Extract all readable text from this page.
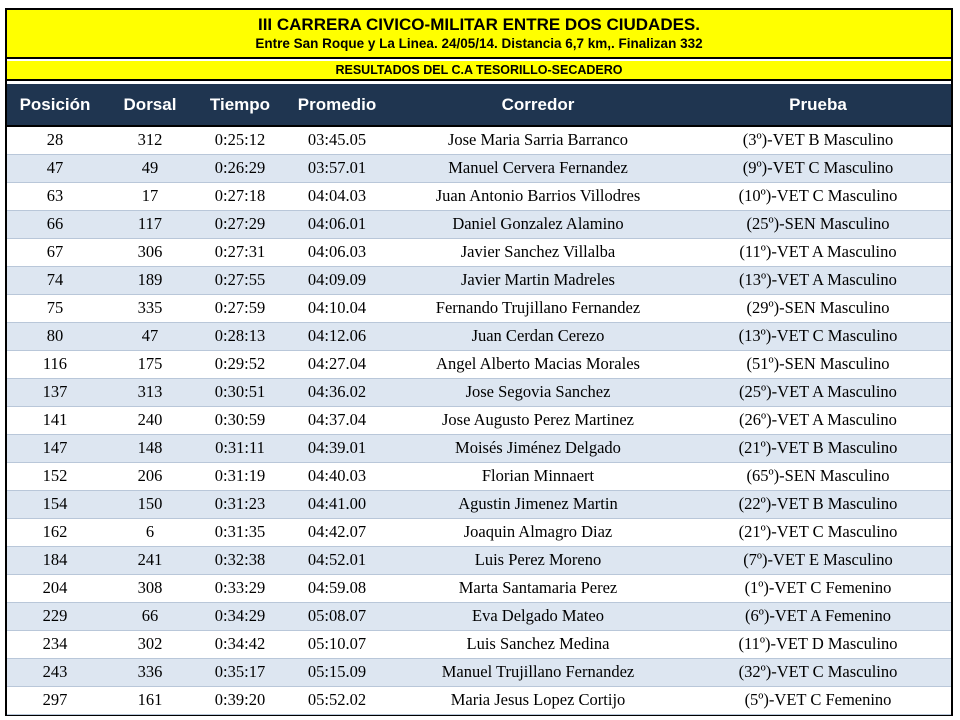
III CARRERA CIVICO-MILITAR ENTRE DOS CIUDADES.
Entre San Roque y La Linea. 24/05/14. Distancia 6,7 km,. Finalizan 332
RESULTADOS DEL C.A TESORILLO-SECADERO
Posición	Dorsal	Tiempo	Promedio	Corredor	Prueba
28	312	0:25:12	03:45.05	Jose Maria Sarria Barranco	(3º)-VET B Masculino
47	49	0:26:29	03:57.01	Manuel Cervera Fernandez	(9º)-VET C Masculino
63	17	0:27:18	04:04.03	Juan Antonio Barrios Villodres	(10º)-VET C Masculino
66	117	0:27:29	04:06.01	Daniel Gonzalez Alamino	(25º)-SEN Masculino
67	306	0:27:31	04:06.03	Javier Sanchez Villalba	(11º)-VET A Masculino
74	189	0:27:55	04:09.09	Javier Martin Madreles	(13º)-VET A Masculino
75	335	0:27:59	04:10.04	Fernando Trujillano Fernandez	(29º)-SEN Masculino
80	47	0:28:13	04:12.06	Juan Cerdan Cerezo	(13º)-VET C Masculino
116	175	0:29:52	04:27.04	Angel Alberto Macias Morales	(51º)-SEN Masculino
137	313	0:30:51	04:36.02	Jose Segovia Sanchez	(25º)-VET A Masculino
141	240	0:30:59	04:37.04	Jose Augusto Perez Martinez	(26º)-VET A Masculino
147	148	0:31:11	04:39.01	Moisés Jiménez Delgado	(21º)-VET B Masculino
152	206	0:31:19	04:40.03	Florian Minnaert	(65º)-SEN Masculino
154	150	0:31:23	04:41.00	Agustin Jimenez Martin	(22º)-VET B Masculino
162	6	0:31:35	04:42.07	Joaquin Almagro Diaz	(21º)-VET C Masculino
184	241	0:32:38	04:52.01	Luis Perez Moreno	(7º)-VET E Masculino
204	308	0:33:29	04:59.08	Marta Santamaria Perez	(1º)-VET C Femenino
229	66	0:34:29	05:08.07	Eva Delgado Mateo	(6º)-VET A Femenino
234	302	0:34:42	05:10.07	Luis Sanchez Medina	(11º)-VET D Masculino
243	336	0:35:17	05:15.09	Manuel Trujillano Fernandez	(32º)-VET C Masculino
297	161	0:39:20	05:52.02	Maria Jesus Lopez Cortijo	(5º)-VET C Femenino
